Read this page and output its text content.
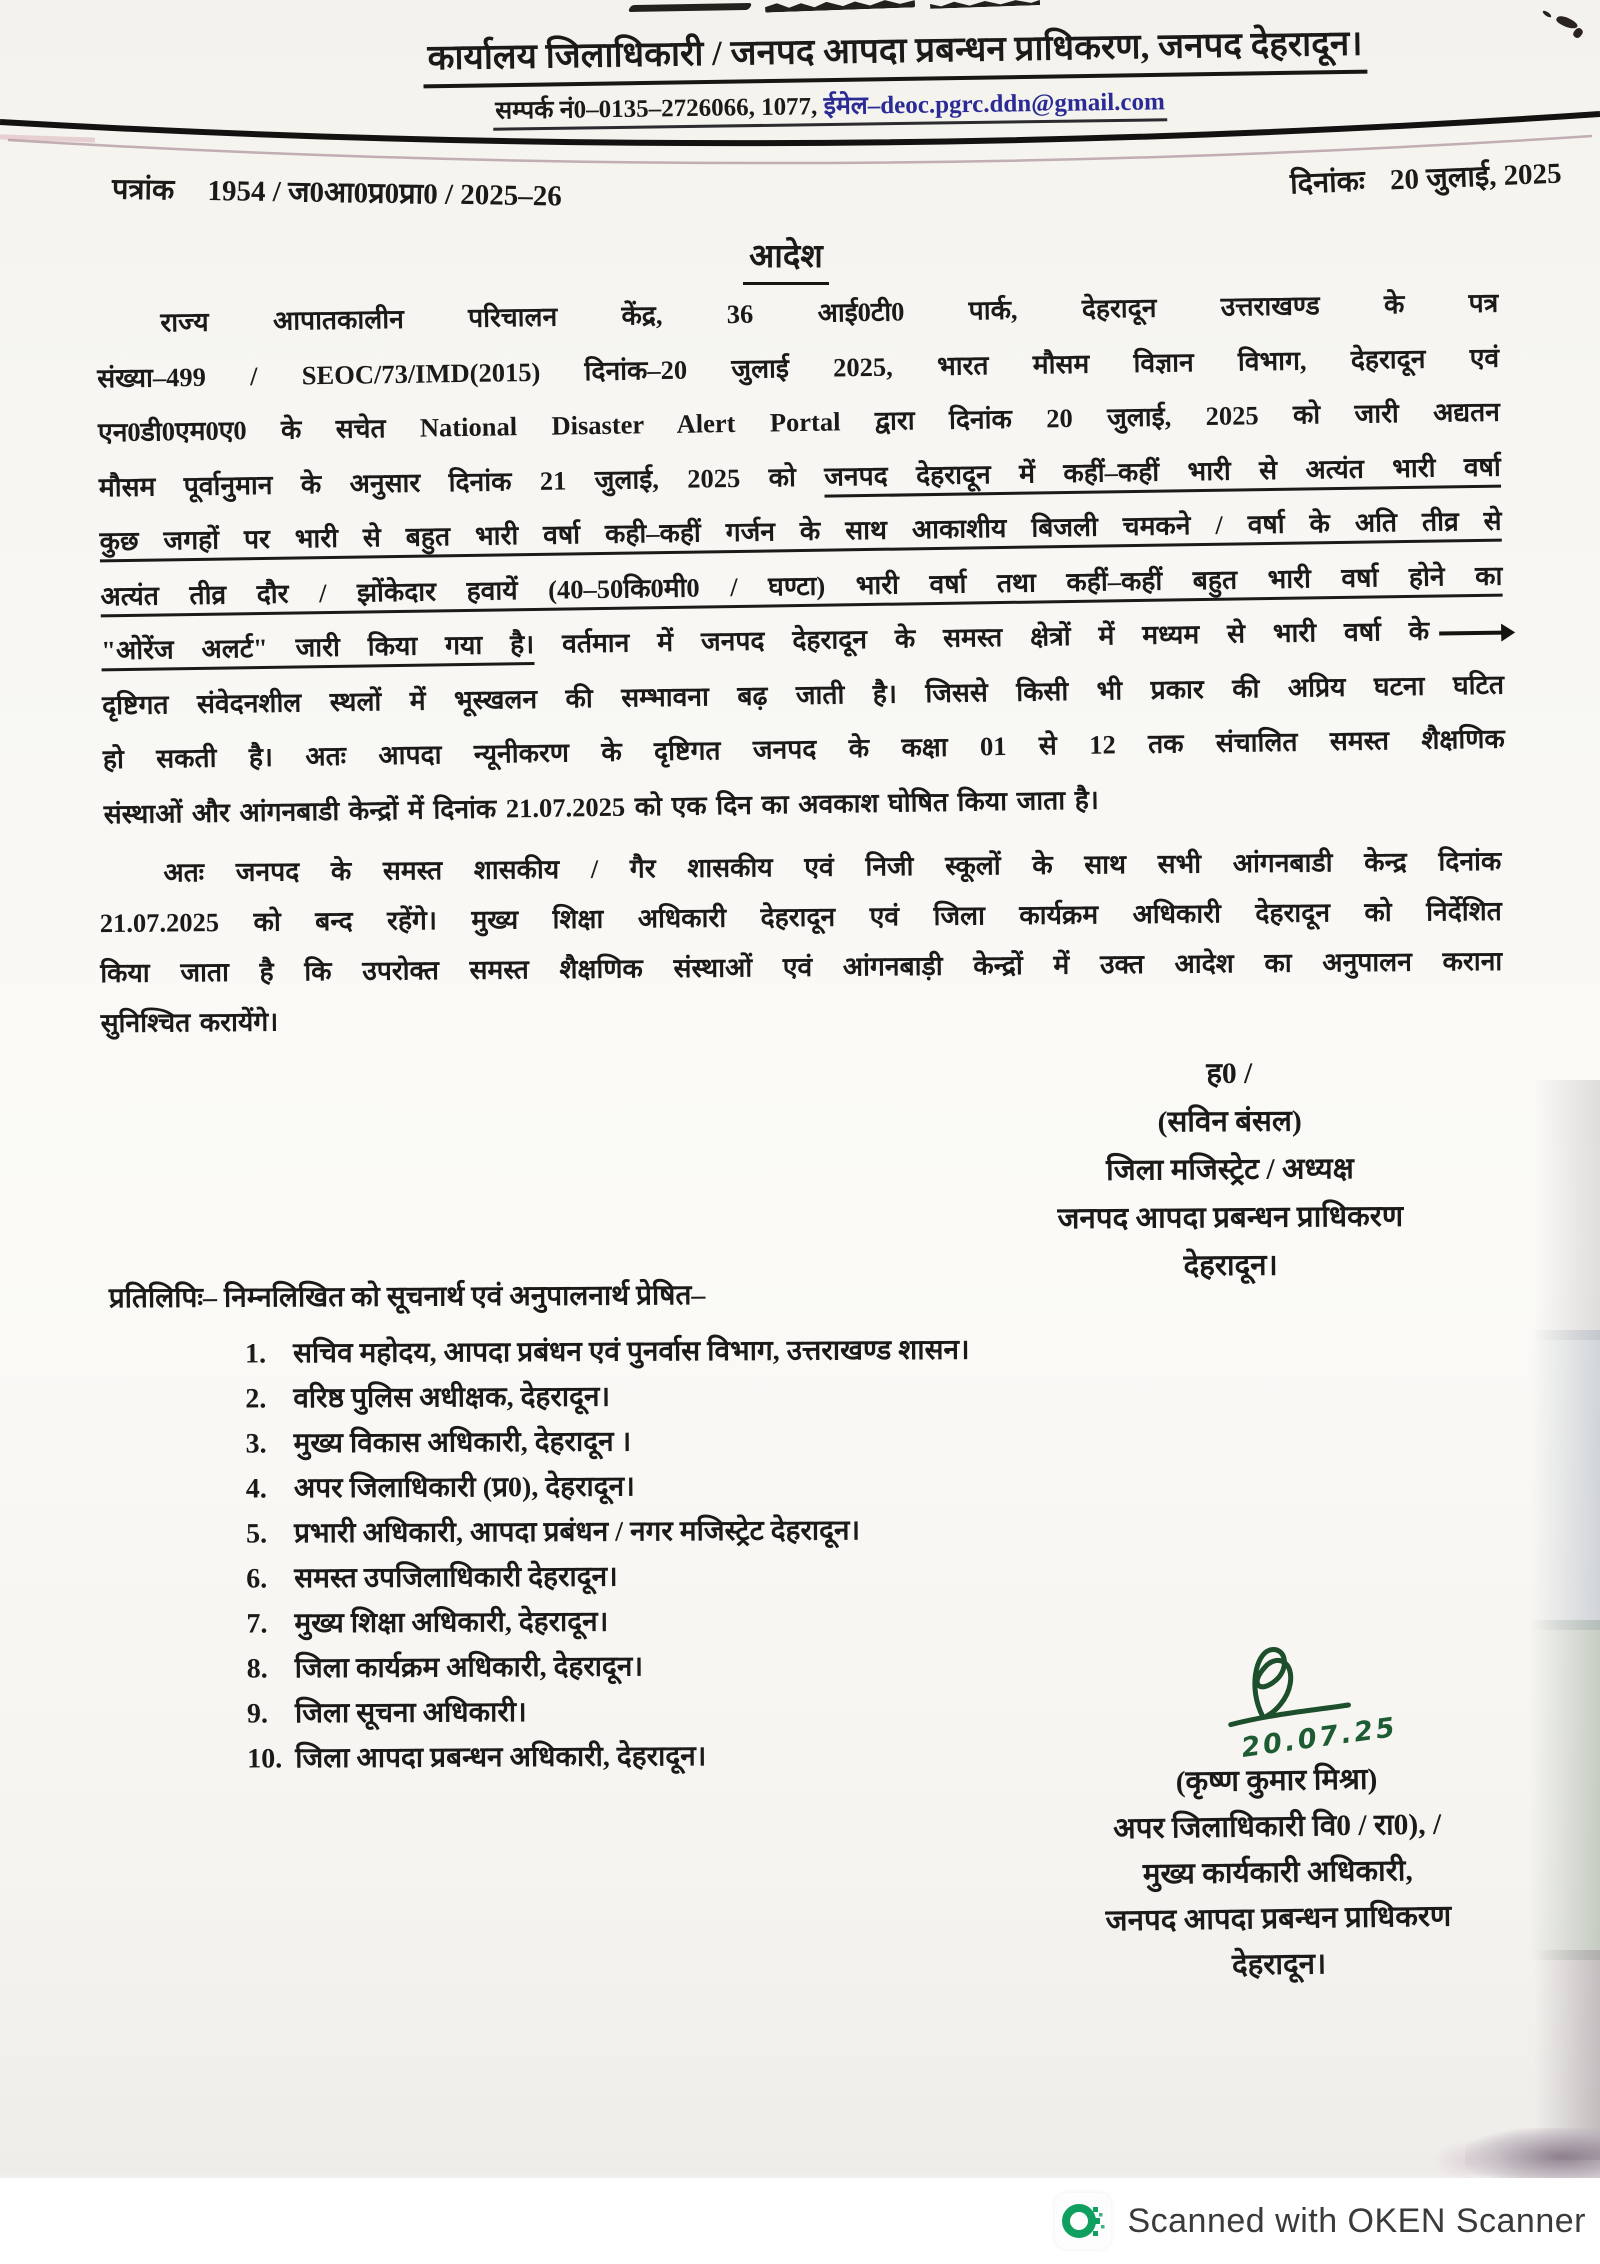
कार्यालय जिलाधिकारी / जनपद आपदा प्रबन्धन प्राधिकरण, जनपद देहरादून।
सम्पर्क नं0–0135–2726066, 1077, ईमेल–deoc.pgrc.ddn@gmail.com
पत्रांक 1954 / ज0आ0प्र0प्रा0 / 2025–26	दिनांकः 20 जुलाई, 2025
आदेश
राज्य आपातकालीन परिचालन केंद्र, 36 आई0टी0 पार्क, देहरादून उत्तराखण्ड के पत्र
संख्या–499 / SEOC/73/IMD(2015) दिनांक–20 जुलाई 2025, भारत मौसम विज्ञान विभाग, देहरादून एवं
एन0डी0एम0ए0 के सचेत National Disaster Alert Portal द्वारा दिनांक 20 जुलाई, 2025 को जारी अद्यतन
मौसम पूर्वानुमान के अनुसार दिनांक 21 जुलाई, 2025 को जनपद देहरादून में कहीं–कहीं भारी से अत्यंत भारी वर्षा
कुछ जगहों पर भारी से बहुत भारी वर्षा कही–कहीं गर्जन के साथ आकाशीय बिजली चमकने / वर्षा के अति तीव्र से
अत्यंत तीव्र दौर / झोंकेदार हवायें (40–50कि0मी0 / घण्टा) भारी वर्षा तथा कहीं–कहीं बहुत भारी वर्षा होने का
"ओरेंज अलर्ट" जारी किया गया है। वर्तमान में जनपद देहरादून के समस्त क्षेत्रों में मध्यम से भारी वर्षा के
दृष्टिगत संवेदनशील स्थलों में भूस्खलन की सम्भावना बढ़ जाती है। जिससे किसी भी प्रकार की अप्रिय घटना घटित
हो सकती है। अतः आपदा न्यूनीकरण के दृष्टिगत जनपद के कक्षा 01 से 12 तक संचालित समस्त शैक्षणिक
संस्थाओं और आंगनबाडी केन्द्रों में दिनांक 21.07.2025 को एक दिन का अवकाश घोषित किया जाता है।
अतः जनपद के समस्त शासकीय / गैर शासकीय एवं निजी स्कूलों के साथ सभी आंगनबाडी केन्द्र दिनांक
21.07.2025 को बन्द रहेंगे। मुख्य शिक्षा अधिकारी देहरादून एवं जिला कार्यक्रम अधिकारी देहरादून को निर्देशित
किया जाता है कि उपरोक्त समस्त शैक्षणिक संस्थाओं एवं आंगनबाड़ी केन्द्रों में उक्त आदेश का अनुपालन कराना
सुनिश्चित करायेंगे।
ह0 /
(सविन बंसल)
जिला मजिस्ट्रेट / अध्यक्ष
जनपद आपदा प्रबन्धन प्राधिकरण
देहरादून।
प्रतिलिपिः– निम्नलिखित को सूचनार्थ एवं अनुपालनार्थ प्रेषित–
1. सचिव महोदय, आपदा प्रबंधन एवं पुनर्वास विभाग, उत्तराखण्ड शासन।
2. वरिष्ठ पुलिस अधीक्षक, देहरादून।
3. मुख्य विकास अधिकारी, देहरादून ।
4. अपर जिलाधिकारी (प्र0), देहरादून।
5. प्रभारी अधिकारी, आपदा प्रबंधन / नगर मजिस्ट्रेट देहरादून।
6. समस्त उपजिलाधिकारी देहरादून।
7. मुख्य शिक्षा अधिकारी, देहरादून।
8. जिला कार्यक्रम अधिकारी, देहरादून।
9. जिला सूचना अधिकारी।
10. जिला आपदा प्रबन्धन अधिकारी, देहरादून।	20.07.25
(कृष्ण कुमार मिश्रा)
अपर जिलाधिकारी वि0 / रा0), /
मुख्य कार्यकारी अधिकारी,
जनपद आपदा प्रबन्धन प्राधिकरण
देहरादून।
Scanned with OKEN Scanner
